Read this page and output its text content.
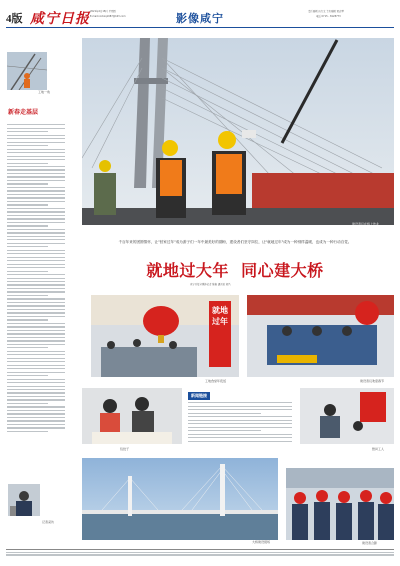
4版 咸宁日报
2021年2月18日 星期四
E-mail:xnrbxq1987@163.com	影像咸宁
责任编辑 伍力文 美术编辑 黄志琴
电话 0715 - 8128773
工地一角
新春走基层
记者采访
建设者们在桥上作业
千百年来的团圆情怀，让"回家过年"成为游子们一年中最美好的期盼，建设者们坚守岗位，让"就地过年"成为一种别样温暖，也成为一种行动自觉。
就地过大年  同心建大桥
咸宁日报全媒体记者 陈鑫 通讯员 刘昌
就地过年
工地食堂年夜饭	建设者们欢度春节
包饺子
新闻链接
慰问工人
大桥建设现场	建设者合影
